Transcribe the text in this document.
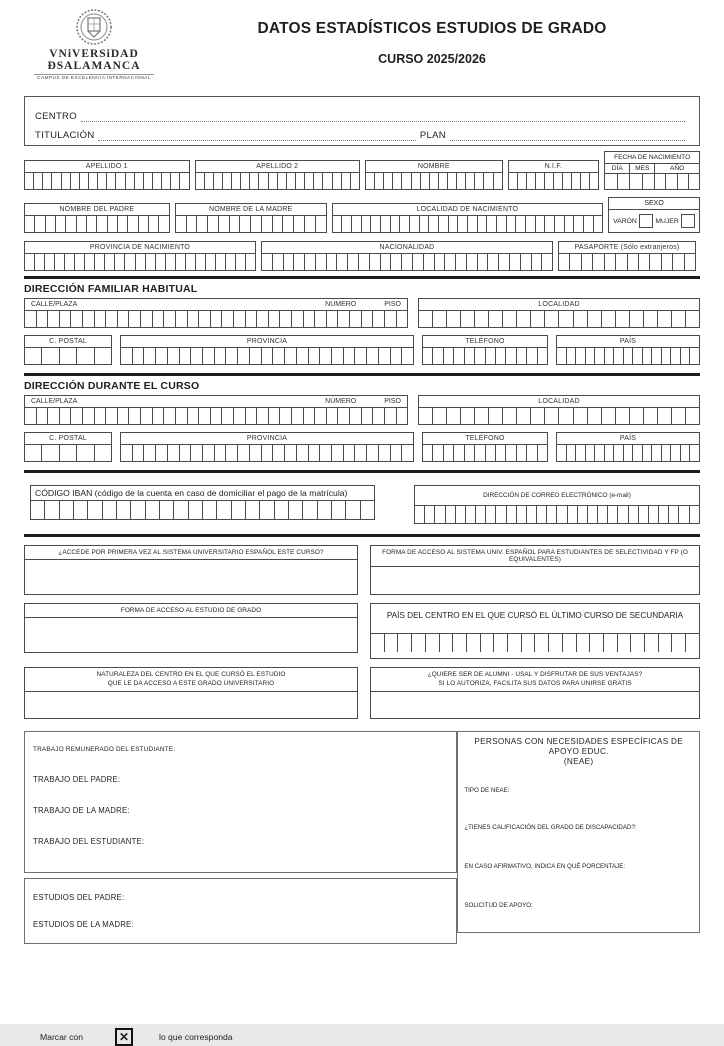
VNiVERSiDAD
ĐSALAMANCA
CAMPUS DE EXCELENCIA INTERNACIONAL
DATOS ESTADÍSTICOS ESTUDIOS DE GRADO
CURSO 2025/2026
CENTRO
TITULACIÓN	PLAN
APELLIDO 1	APELLIDO 2	NOMBRE	N.I.F.
FECHA DE NACIMIENTO
DÍA	MES	AÑO
NOMBRE DEL PADRE	NOMBRE DE LA MADRE	LOCALIDAD DE NACIMIENTO
SEXO
VARÓN	MUJER
PROVINCIA DE NACIMIENTO	NACIONALIDAD	PASAPORTE (Sólo extranjeros)
DIRECCIÓN FAMILIAR HABITUAL
CALLE/PLAZA	NÚMERO	PISO	LOCALIDAD
C. POSTAL	PROVINCIA	TELÉFONO	PAÍS
DIRECCIÓN DURANTE EL CURSO
CALLE/PLAZA	NÚMERO	PISO	LOCALIDAD
C. POSTAL	PROVINCIA	TELÉFONO	PAÍS
CÓDIGO IBAN (código de la cuenta en caso de domiciliar el pago de la matrícula)	DIRECCIÓN DE CORREO ELECTRÓNICO (e-mail)
¿ACCEDE POR PRIMERA VEZ AL SISTEMA UNIVERSITARIO ESPAÑOL ESTE CURSO?	FORMA DE ACCESO AL SISTEMA UNIV. ESPAÑOL PARA ESTUDIANTES DE SELECTIVIDAD Y FP (O EQUIVALENTES)
FORMA DE ACCESO AL ESTUDIO DE GRADO
PAÍS DEL CENTRO EN EL QUE CURSÓ EL ÚLTIMO CURSO DE SECUNDARIA
NATURALEZA DEL CENTRO EN EL QUE CURSÓ EL ESTUDIO
QUE LE DA ACCESO A ESTE GRADO UNIVERSITARIO
¿QUIERE SER DE ALUMNI - USAL Y DISFRUTAR DE SUS VENTAJAS?
SI LO AUTORIZA, FACILITA SUS DATOS PARA UNIRSE GRATIS
TRABAJO REMUNERADO DEL ESTUDIANTE:
TRABAJO DEL PADRE:
TRABAJO DE LA MADRE:
TRABAJO DEL ESTUDIANTE:
ESTUDIOS DEL PADRE:
ESTUDIOS DE LA MADRE:
PERSONAS CON NECESIDADES ESPECÍFICAS DE APOYO EDUC.
(NEAE)
TIPO DE NEAE:
¿TIENES CALIFICACIÓN DEL GRADO DE DISCAPACIDAD?:
EN CASO AFIRMATIVO, INDICA EN QUÉ PORCENTAJE:
SOLICITUD DE APOYO:
Marcar con	✕	lo que corresponda
